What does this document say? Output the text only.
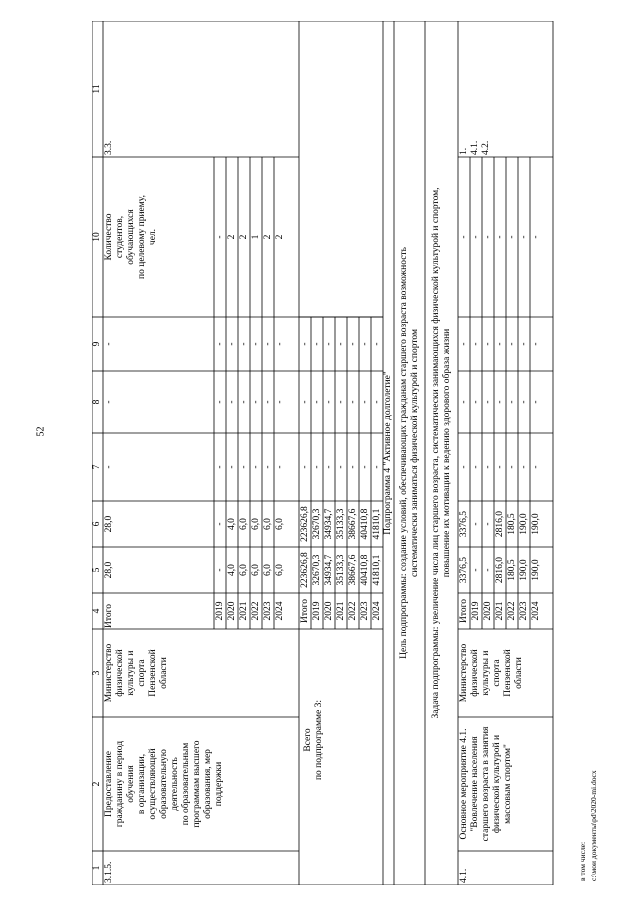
52
1
2
3
4
5
6
7
8
9
10
11
3.1.5.
Предоставление
гражданину в период
обучения
в организации,
осуществляющей
образовательную
деятельность
по образовательным
программам высшего
образования, мер
поддержки
Министерство
физической
культуры и
спорта
Пензенской
области
Количество
студентов,
обучающихся
по целевому приему,
чел.
3.3.
Итого
28,0
28,0
-
-
-
2019
-
-
-
-
-
-
2020
4,0
4,0
-
-
-
2
2021
6,0
6,0
-
-
-
2
2022
6,0
6,0
-
-
-
1
2023
6,0
6,0
-
-
-
2
2024
6,0
6,0
-
-
-
2
Всего
по подпрограмме 3:
Итого
223626,8
223626,8
-
-
-
2019
32670,3
32670,3
-
-
-
2020
34934,7
34934,7
-
-
-
2021
35133,3
35133,3
-
-
-
2022
38667,6
38667,6
-
-
-
2023
40410,8
40410,8
-
-
-
2024
41810,1
41810,1
-
-
-
Подпрограмма 4 "Активное долголетие"
Цель подпрограммы: создание условий, обеспечивающих гражданам старшего возраста возможность
систематически заниматься физической культурой и спортом
Задача подпрограммы: увеличение числа лиц старшего возраста, систематически занимающихся физической культурой и спортом,
повышение их мотивации к ведению здорового образа жизни
4.1.
Основное мероприятие 4.1.
"Вовлечение населения
старшего возраста в занятия
физической культурой и
массовым спортом"
Министерство
физической
культуры и
спорта
Пензенской
области
1.
4.1.
4.2.
Итого
3376,5
3376,5
-
-
-
-
2019
-
-
-
-
-
-
2020
-
-
-
-
-
-
2021
2816,0
2816,0
-
-
-
-
2022
180,5
180,5
-
-
-
-
2023
190,0
190,0
-
-
-
-
2024
190,0
190,0
-
-
-
-
в том числе: c:\мои документы\pd\2020-mi.docx
